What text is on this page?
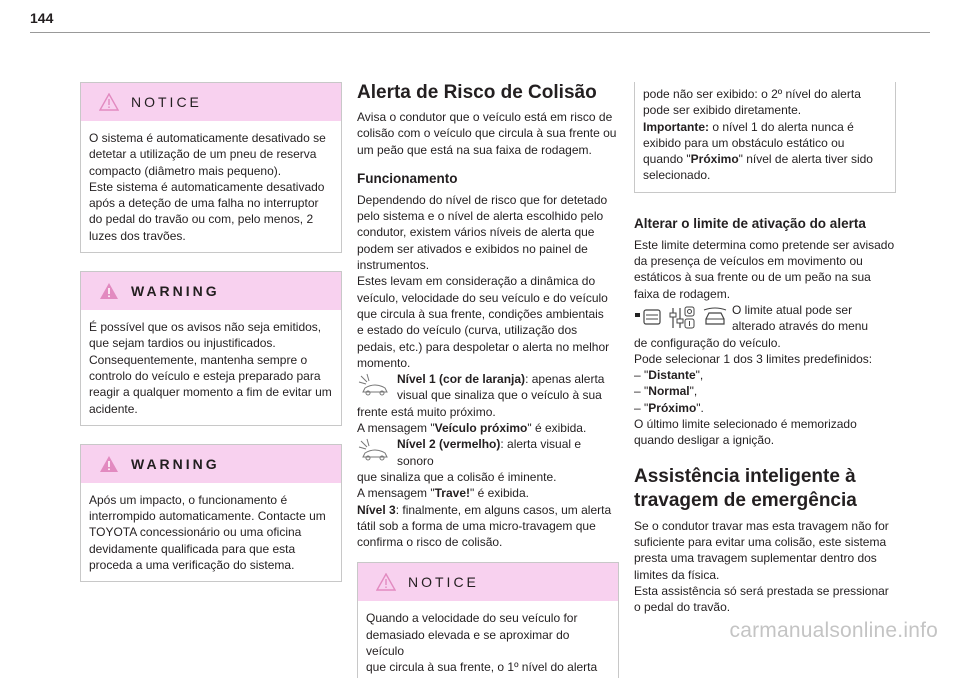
144
NOTICE

O sistema é automaticamente desativado se

detetar a utilização de um pneu de reserva

compacto (diâmetro mais pequeno).

Este sistema é automaticamente desativado

após a deteção de uma falha no interruptor

do pedal do travão ou com, pelo menos, 2

luzes dos travões.

WARNING

É possível que os avisos não seja emitidos,

que sejam tardios ou injustificados.

Consequentemente, mantenha sempre o

controlo do veículo e esteja preparado para

reagir a qualquer momento a fim de evitar um

acidente.

WARNING

Após um impacto, o funcionamento é

interrompido automaticamente. Contacte um

TOYOTA concessionário ou uma oficina

devidamente qualificada para que esta

proceda a uma verificação do sistema.

Alerta de Risco de Colisão

Avisa o condutor que o veículo está em risco de

colisão com o veículo que circula à sua frente ou

um peão que está na sua faixa de rodagem.

Funcionamento

Dependendo do nível de risco que for detetado

pelo sistema e o nível de alerta escolhido pelo

condutor, existem vários níveis de alerta que

podem ser ativados e exibidos no painel de

instrumentos.

Estes levam em consideração a dinâmica do

veículo, velocidade do seu veículo e do veículo

que circula à sua frente, condições ambientais

e estado do veículo (curva, utilização dos

pedais, etc.) para despoletar o alerta no melhor

momento.

Nível 1 (cor de laranja): apenas alerta

visual que sinaliza que o veículo à sua

frente está muito próximo.

A mensagem "Veículo próximo" é exibida.

Nível 2 (vermelho): alerta visual e sonoro

que sinaliza que a colisão é iminente.

A mensagem "Trave!" é exibida.

Nível 3: finalmente, em alguns casos, um alerta

tátil sob a forma de uma micro-travagem que

confirma o risco de colisão.

NOTICE

Quando a velocidade do seu veículo for

demasiado elevada e se aproximar do veículo

que circula à sua frente, o 1º nível do alerta

pode não ser exibido: o 2º nível do alerta

pode ser exibido diretamente.

Importante: o nível 1 do alerta nunca é

exibido para um obstáculo estático ou

quando "Próximo" nível de alerta tiver sido

selecionado.

Alterar o limite de ativação do alerta

Este limite determina como pretende ser avisado

da presença de veículos em movimento ou

estáticos à sua frente ou de um peão na sua

faixa de rodagem.

O limite atual pode ser

alterado através do menu

de configuração do veículo.

Pode selecionar 1 dos 3 limites predefinidos:

– "Distante",

– "Normal",

– "Próximo".

O último limite selecionado é memorizado

quando desligar a ignição.

Assistência inteligente à
travagem de emergência

Se o condutor travar mas esta travagem não for

suficiente para evitar uma colisão, este sistema

presta uma travagem suplementar dentro dos

limites da física.

Esta assistência só será prestada se pressionar

o pedal do travão.

carmanualsonline.info
